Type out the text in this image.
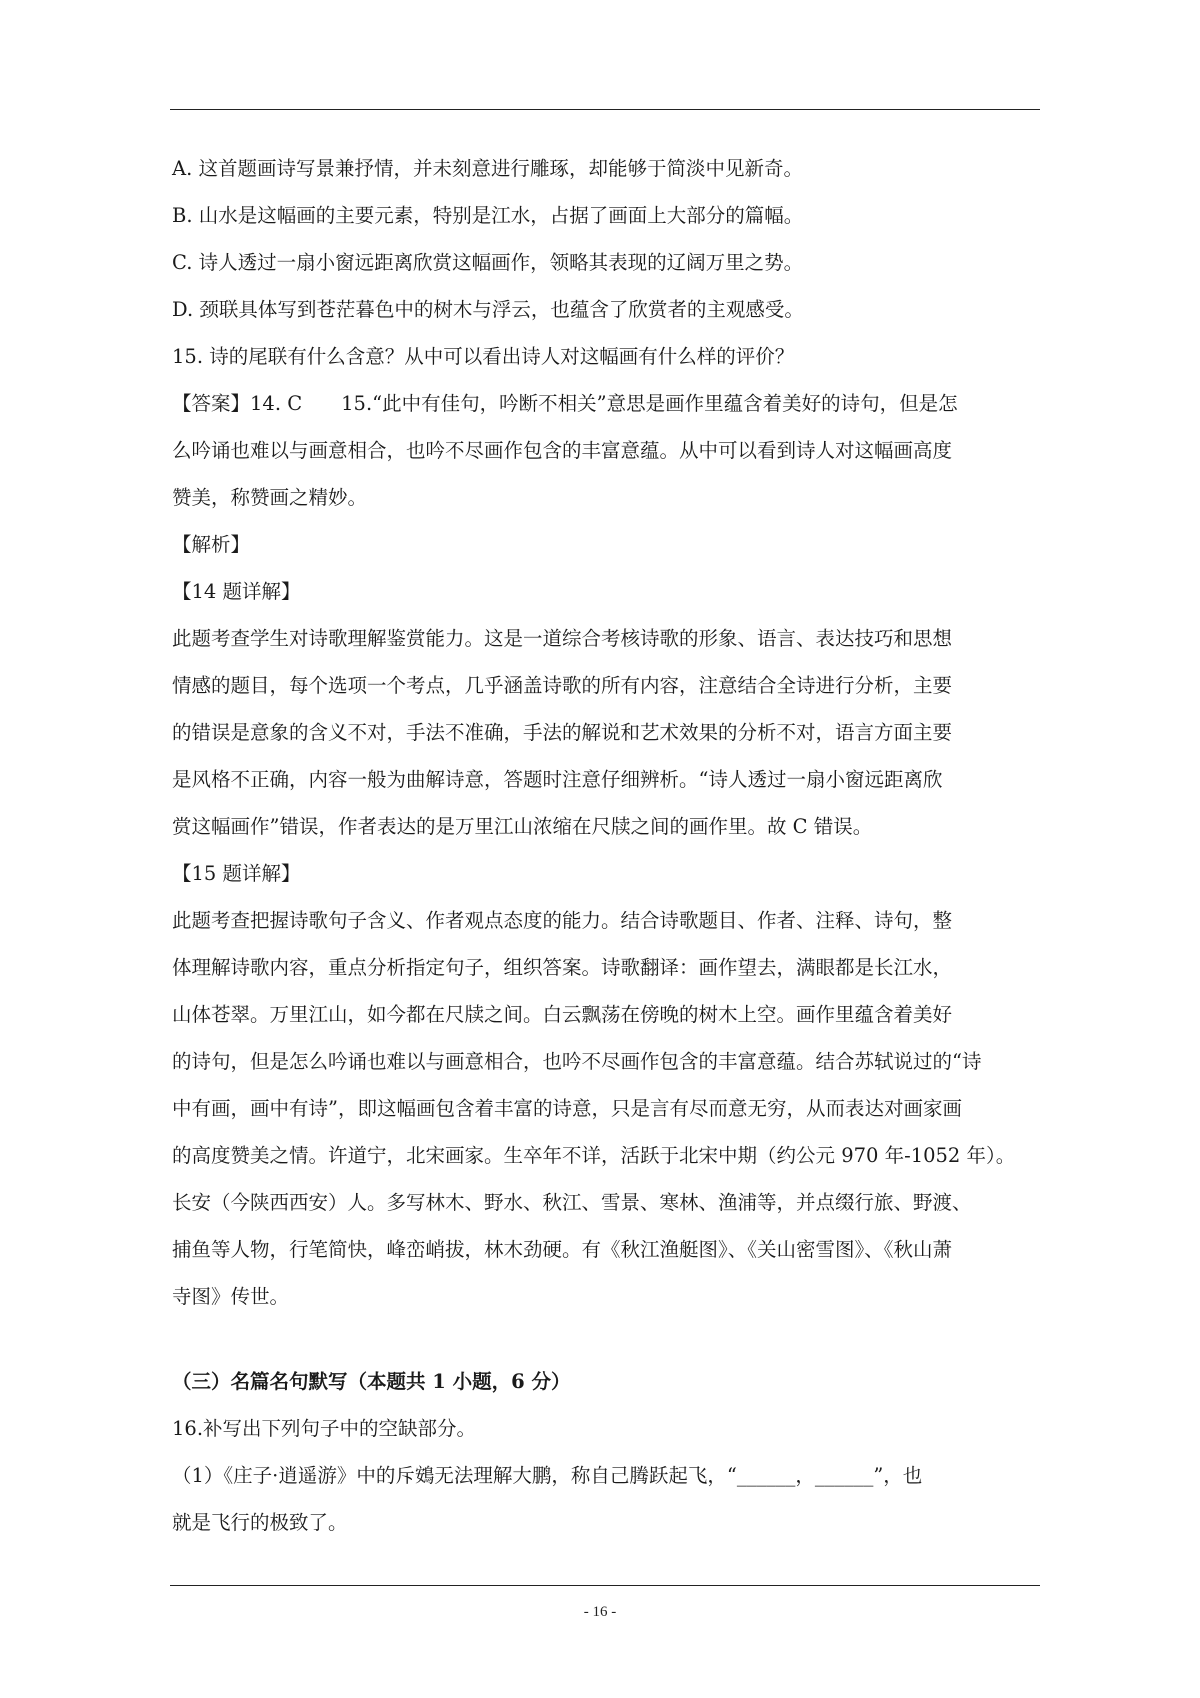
A. 这首题画诗写景兼抒情，并未刻意进行雕琢，却能够于简淡中见新奇。
B. 山水是这幅画的主要元素，特别是江水，占据了画面上大部分的篇幅。
C. 诗人透过一扇小窗远距离欣赏这幅画作，领略其表现的辽阔万里之势。
D. 颈联具体写到苍茫暮色中的树木与浮云，也蕴含了欣赏者的主观感受。
15. 诗的尾联有什么含意？从中可以看出诗人对这幅画有什么样的评价？
【答案】14. C　　15.“此中有佳句，吟断不相关”意思是画作里蕴含着美好的诗句，但是怎
么吟诵也难以与画意相合，也吟不尽画作包含的丰富意蕴。从中可以看到诗人对这幅画高度
赞美，称赞画之精妙。
【解析】
【14 题详解】
此题考查学生对诗歌理解鉴赏能力。这是一道综合考核诗歌的形象、语言、表达技巧和思想
情感的题目，每个选项一个考点，几乎涵盖诗歌的所有内容，注意结合全诗进行分析，主要
的错误是意象的含义不对，手法不准确，手法的解说和艺术效果的分析不对，语言方面主要
是风格不正确，内容一般为曲解诗意，答题时注意仔细辨析。“诗人透过一扇小窗远距离欣
赏这幅画作”错误，作者表达的是万里江山浓缩在尺牍之间的画作里。故 C 错误。
【15 题详解】
此题考查把握诗歌句子含义、作者观点态度的能力。结合诗歌题目、作者、注释、诗句，整
体理解诗歌内容，重点分析指定句子，组织答案。诗歌翻译：画作望去，满眼都是长江水，
山体苍翠。万里江山，如今都在尺牍之间。白云飘荡在傍晚的树木上空。画作里蕴含着美好
的诗句，但是怎么吟诵也难以与画意相合，也吟不尽画作包含的丰富意蕴。结合苏轼说过的“诗
中有画，画中有诗”，即这幅画包含着丰富的诗意，只是言有尽而意无穷，从而表达对画家画
的高度赞美之情。许道宁，北宋画家。生卒年不详，活跃于北宋中期（约公元 970 年-1052 年）。
长安（今陕西西安）人。多写林木、野水、秋江、雪景、寒林、渔浦等，并点缀行旅、野渡、
捕鱼等人物，行笔简快，峰峦峭拔，林木劲硬。有《秋江渔艇图》、《关山密雪图》、《秋山萧
寺图》传世。
（三）名篇名句默写（本题共 1 小题，6 分）
16.补写出下列句子中的空缺部分。
（1）《庄子·逍遥游》中的斥鴳无法理解大鹏，称自己腾跃起飞，“______，______”，也
就是飞行的极致了。
- 16 -
